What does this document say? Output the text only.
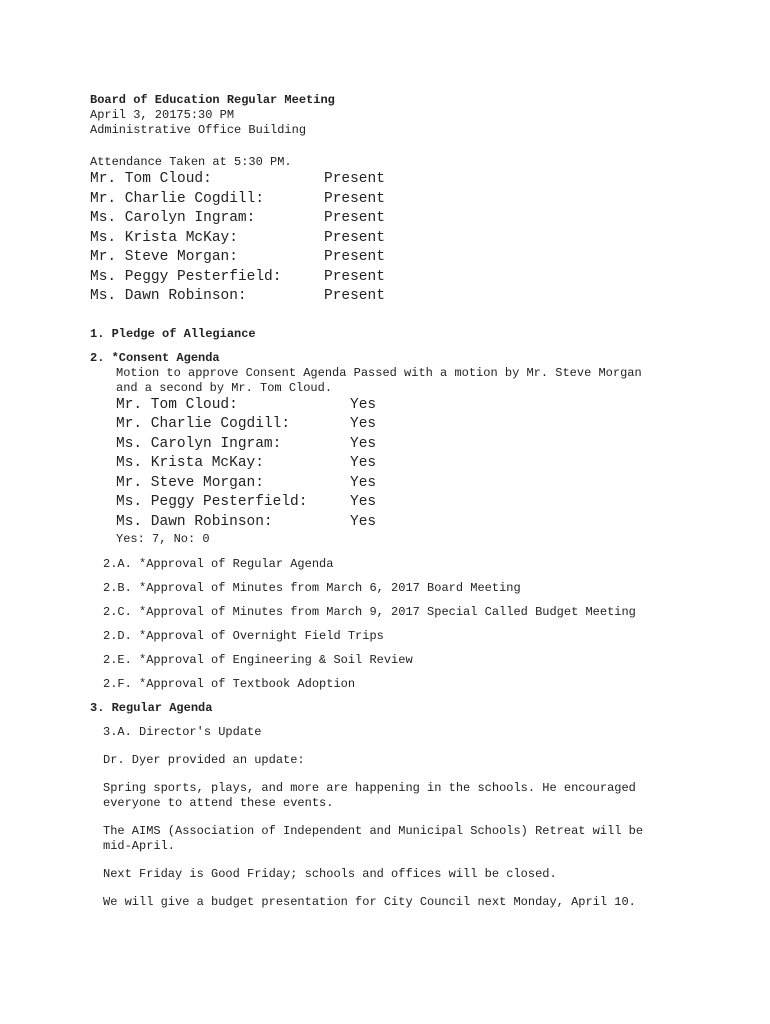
Board of Education Regular Meeting

April 3, 20175:30 PM

Administrative Office Building

Attendance Taken at 5:30 PM.

Mr. Tom Cloud:	Present
Mr. Charlie Cogdill:	Present
Ms. Carolyn Ingram:	Present
Ms. Krista McKay:	Present
Mr. Steve Morgan:	Present
Ms. Peggy Pesterfield:	Present
Ms. Dawn Robinson:	Present

1. Pledge of Allegiance

2. *Consent Agenda

Motion to approve Consent Agenda Passed with a motion by Mr. Steve Morgan

and a second by Mr. Tom Cloud.

Mr. Tom Cloud:	Yes
Mr. Charlie Cogdill:	Yes
Ms. Carolyn Ingram:	Yes
Ms. Krista McKay:	Yes
Mr. Steve Morgan:	Yes
Ms. Peggy Pesterfield:	Yes
Ms. Dawn Robinson:	Yes

Yes: 7, No: 0

2.A. *Approval of Regular Agenda

2.B. *Approval of Minutes from March 6, 2017 Board Meeting

2.C. *Approval of Minutes from March 9, 2017 Special Called Budget Meeting

2.D. *Approval of Overnight Field Trips

2.E. *Approval of Engineering & Soil Review

2.F. *Approval of Textbook Adoption

3. Regular Agenda

3.A. Director's Update

Dr. Dyer provided an update:

Spring sports, plays, and more are happening in the schools. He encouraged

everyone to attend these events.

The AIMS (Association of Independent and Municipal Schools) Retreat will be

mid-April.

Next Friday is Good Friday; schools and offices will be closed.

We will give a budget presentation for City Council next Monday, April 10.
